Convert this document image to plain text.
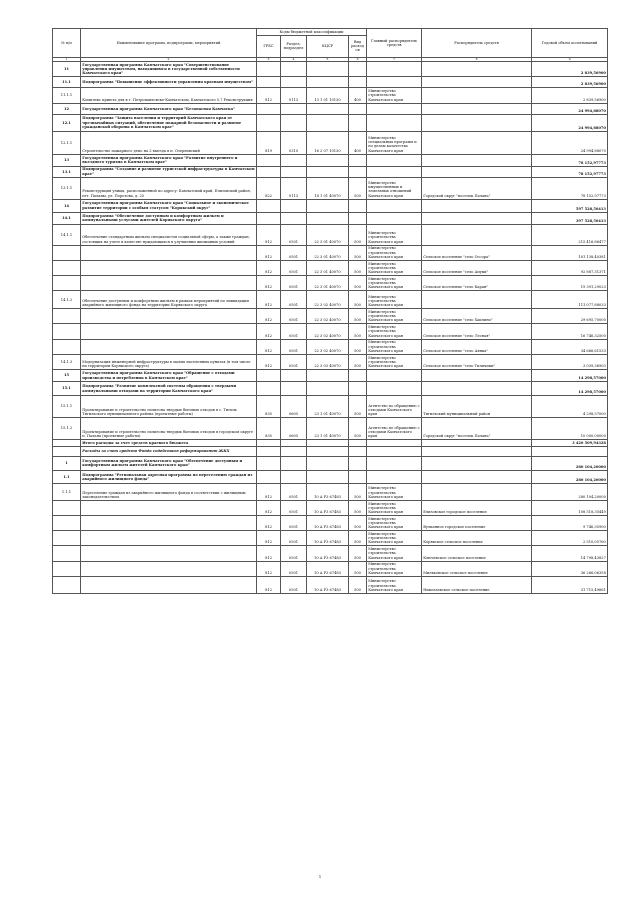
№ п/п	Наименование программ, подпрограмм, мероприятий	Коды бюджетной классификации				Главный распорядитель средств	Распорядитель средств	Годовой объем ассигнований
		ГРБС	Раздел, подраздел	КЦСР	Вид расходов			
1	2	3	4	5	6	7	8	9
11	Государственная программа Камчатского края "Совершенствование управления имуществом, находящимся в государственной собственности Камчатского края"							2 839,56900
11.1	Подпрограмма "Повышение эффективности управления краевым имуществом"							2 839,56900
11.1.1	Комплекс приюта для в г. Петропавловске-Камчатском, Камчатского 5,7 Реконструкция	812	0113	13 1 01 10130	400	Министерство строительства Камчатского края		2 839,56900
12	Государственная программа Камчатского края "Безопасная Камчатка"							24 994,88070
12.1	Подпрограмма "Защита населения и территорий Камчатского края от чрезвычайных ситуаций, обеспечение пожарной безопасности и развитие гражданской обороны в Камчатском крае"							24 994,88070
12.1.1	Строительство пожарного депо на 2 выезда в п. Озерновский	819	0310	16 2 07 10130	400	Министерство специальных программ и по делам казачества Камчатского края		24 994,88070
13	Государственная программа Камчатского края "Развитие внутреннего и въездного туризма в Камчатском крае"							78 152,97773
13.1	Подпрограмма "Создание и развитие туристской инфраструктуры в Камчатском крае"							78 152,97773
13.1.1	Реконструкция улицы, расположенной по адресу: Камчатский край, Елизовский район, пгт. Паланы, ул. Поротова, д. 25	822	0113	18 1 01 40070	500	Министерство имущественных и земельных отношений Камчатского края	Городской округ "поселок Палана"	78 152,97773
14	Государственная программа Камчатского края "Социальное и экономическое развитие территории с особым статусом "Корякский округ"							597 528,50413
14.1	Подпрограмма "Обеспечение доступным и комфортным жильем и коммунальными услугами жителей Корякского округа"							397 528,50413
14.1.1	Обеспечение стандартным жильем специалистов социальной сферы, а также граждан, состоящих на учете в качестве нуждающихся в улучшении жилищных условий	812	0501	22 3 01 40070	500	Министерство строительства Камчатского края		215 416,86477
		812	0501	22 3 01 40070	500	Министерство строительства Камчатского края	Сельское поселение "село Оссора"	101 138,40381
		812	0501	22 3 01 40070	500	Министерство строительства Камчатского края	Сельское поселение "село Апуки"	92 887,31371
		812	0501	22 3 01 40070	500	Министерство строительства Камчатского края	Сельское поселение "село Каран"	19 391,29023
14.1.2	Обеспечение доступным и комфортным жильем в рамках мероприятий по ликвидации аварийного жилищного фонда на территории Корякского округа	812	0501	22 3 02 40070	500	Министерство строительства Камчатского края		111 077,88033
		812	0501	22 3 02 40070	500	Министерство строительства Камчатского края	Сельское поселение "село Хаилино"	29 695,70000
		812	0501	22 3 02 40070	500	Министерство строительства Камчатского края	Сельское поселение "село Лесная"	16 746,32500
		812	0501	22 3 02 40070	500	Министерство строительства Камчатского края	Сельское поселение "село Аянка"	34 666,61533
14.1.3	Модернизация инженерной инфраструктуры в малых населенных пунктах (в том числе на территории Корякского округа)	812	0501	22 3 03 40070	500	Министерство строительства Камчатского края	Сельское поселение "село Тиличики"	3 039,36903
15	Государственная программа Камчатского края "Обращение с отходами производства и потребления в Камчатском крае"							14 298,57000
15.1	Подпрограмма "Развитие комплексной системы обращения с твердыми коммунальными отходами на территории Камчатского края"							14 298,57000
15.1.1	Проектирование и строительство полигона твердых бытовых отходов в с. Тигиль Тигильского муниципального района (проектные работы)	835	0605	23 1 01 40070	500	Агентство по обращению с отходами Камчатского края	Тигильский муниципальный район	4 298,57000
15.1.2	Проектирование и строительство полигона твердых бытовых отходов в городском округе п. Палана (проектные работы)	835	0605	23 1 01 40070	500	Агентство по обращению с отходами Камчатского края	Городской округ "поселок Палана"	10 000,00000
	Итого расходы за счет средств краевого бюджета							3 420 509,94328
	Расходы за счет средств Фонда содействия реформированию ЖКХ							
1	Государственная программа Камчатского края "Обеспечение доступным и комфортным жильем жителей Камчатского края"							280 104,20000
1.1	Подпрограмма "Региональная адресная программа по переселению граждан из аварийного жилищного фонда"							280 104,20000
1.1.1	Переселение граждан из аварийного жилищного фонда в соответствии с жилищным законодательством	812	0501	10 А F3 67483	500	Министерство строительства Камчатского края		280 104,20000
		812	0501	10 А F3 67483	500	Министерство строительства Камчатского края	Елизовское городское поселение	108 518,35449
		812	0501	10 А F3 67483	500	Министерство строительства Камчатского края	Вулканное городское поселение	9 746,35900
		812	0501	10 А F3 67483	500	Министерство строительства Камчатского края	Корякское сельское поселение	2 510,05760
		812	0501	10 А F3 67483	500	Министерство строительства Камчатского края	Ключевское сельское поселение	14 798,43827
		812	0501	10 А F3 67483	500	Министерство строительства Камчатского края	Мильковское сельское поселение	36 266,06358
		812	0501	10 А F3 67483	500	Министерство строительства Камчатского края	Николаевское сельское поселение	31 715,49661
1
